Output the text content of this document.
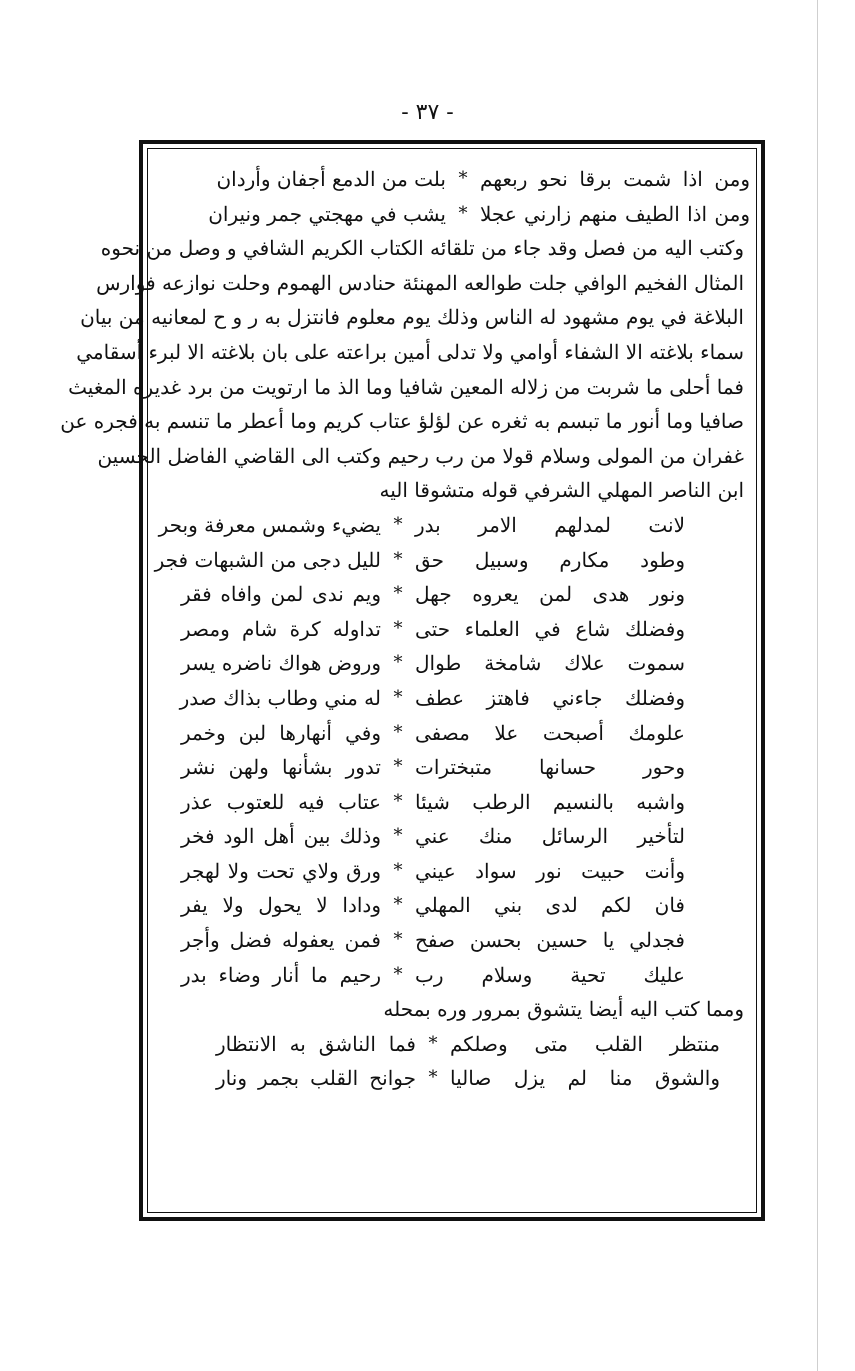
- ٣٧ -
ومن اذا شمت برقا نحو ربعهم
*
بلت من الدمع أجفان وأردان
ومن اذا الطيف منهم زارني عجلا
*
يشب في مهجتي جمر ونيران
وكتب اليه من فصل وقد جاء من تلقائه الكتاب الكريم الشافي و وصل من نحوه
المثال الفخيم الوافي جلت طوالعه المهنئة حنادس الهموم وحلت نوازعه فوارس
البلاغة في يوم مشهود له الناس وذلك يوم معلوم فانتزل به ر و ح لمعانيه من بيان
سماء بلاغته الا الشفاء أوامي ولا تدلى أمين براعته على بان بلاغته الا لبرء أسقامي
فما أحلى ما شربت من زلاله المعين شافيا وما الذ ما ارتويت من برد غديره المغيث
صافيا وما أنور ما تبسم به ثغره عن لؤلؤ عتاب كريم وما أعطر ما تنسم به فجره عن
غفران من المولى وسلام قولا من رب رحيم وكتب الى القاضي الفاضل الحسين
ابن الناصر المهلي الشرفي قوله متشوقا اليه
لانت لمدلهم الامر بدر
*
يضيء وشمس معرفة وبحر
وطود مكارم وسبيل حق
*
لليل دجى من الشبهات فجر
ونور هدى لمن يعروه جهل
*
ويم ندى لمن وافاه فقر
وفضلك شاع في العلماء حتى
*
تداوله كرة شام ومصر
سموت علاك شامخة طوال
*
وروض هواك ناضره يسر
وفضلك جاءني فاهتز عطف
*
له مني وطاب بذاك صدر
علومك أصبحت علا مصفى
*
وفي أنهارها لبن وخمر
وحور حسانها متبخترات
*
تدور بشأنها ولهن نشر
واشبه بالنسيم الرطب شيئا
*
عتاب فيه للعتوب عذر
لتأخير الرسائل منك عني
*
وذلك بين أهل الود فخر
وأنت حبيت نور سواد عيني
*
ورق ولاي تحت ولا لهجر
فان لكم لدى بني المهلي
*
ودادا لا يحول ولا يفر
فجدلي يا حسين بحسن صفح
*
فمن يعفوله فضل وأجر
عليك تحية وسلام رب
*
رحيم ما أنار وضاء بدر
ومما كتب اليه أيضا يتشوق بمرور وره بمحله
منتظر القلب متى وصلكم
*
فما الناشق به الانتظار
والشوق منا لم يزل صاليا
*
جوانح القلب بجمر ونار
